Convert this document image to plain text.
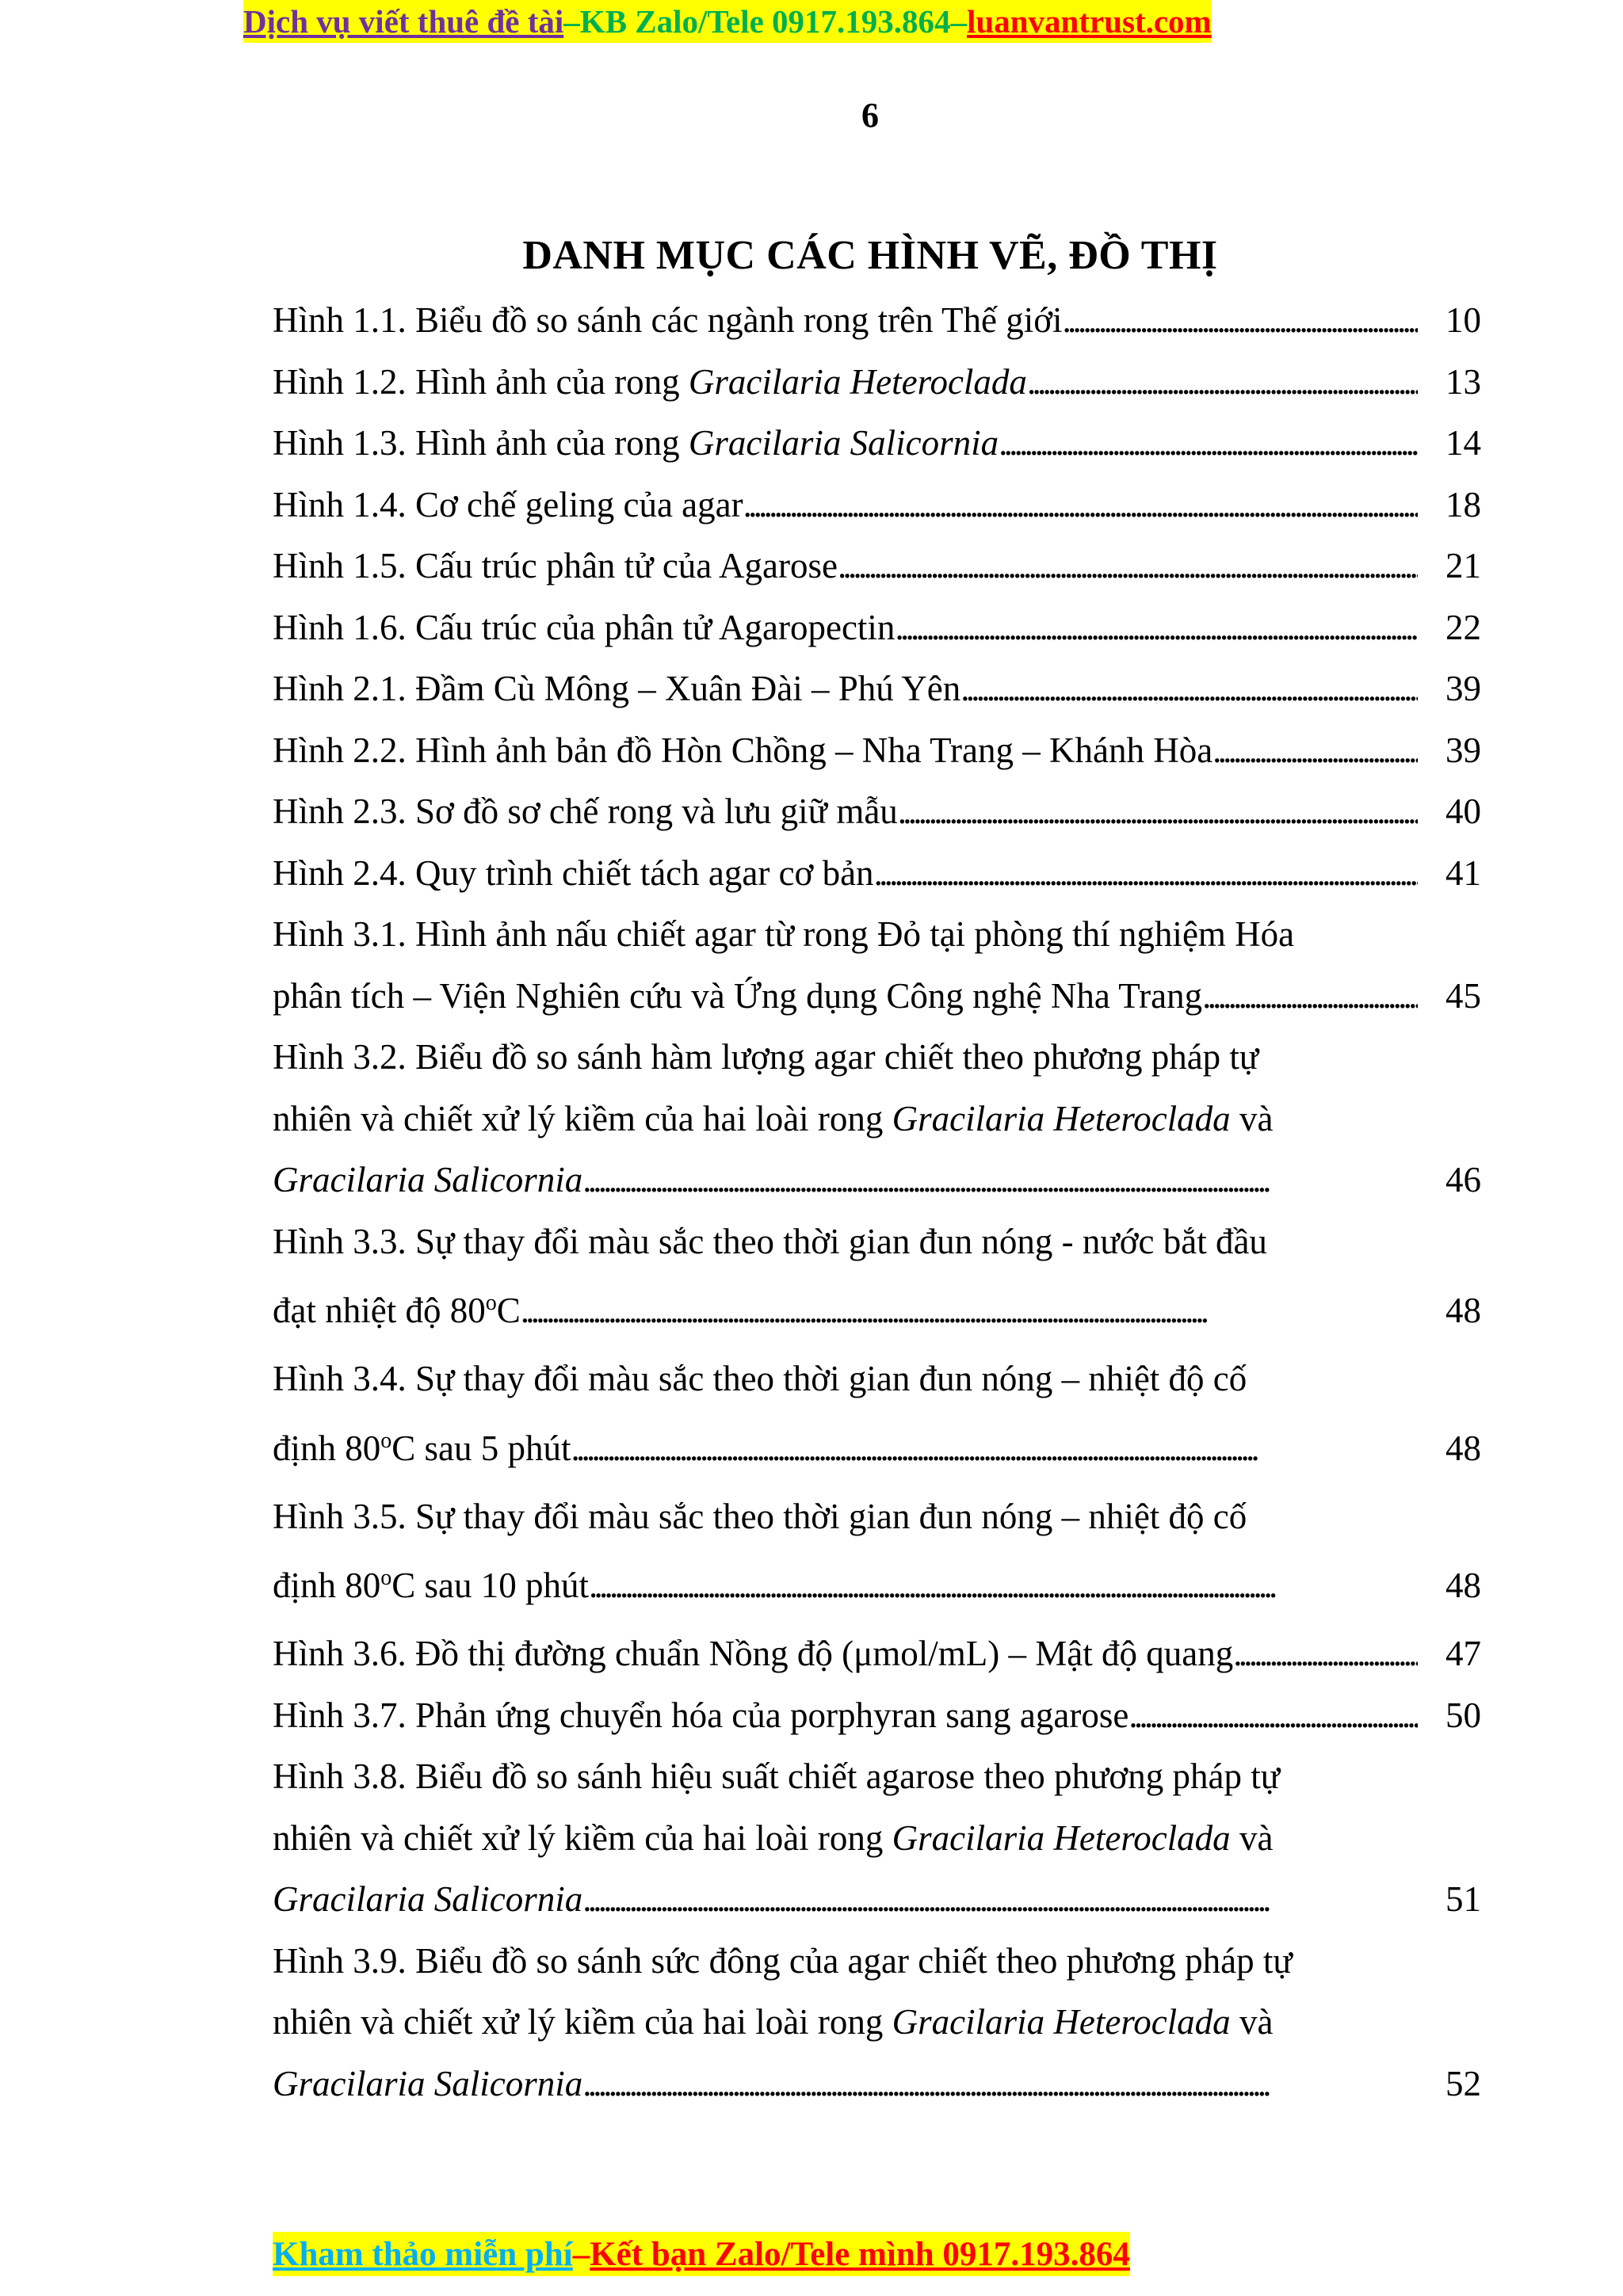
Dịch vụ viết thuê đề tài – KB Zalo/Tele 0917.193.864 – luanvantrust.com
6
DANH MỤC CÁC HÌNH VẼ, ĐỒ THỊ
Hình 1.1. Biểu đồ so sánh các ngành rong trên Thế giới . . .	10
Hình 1.2. Hình ảnh của rong Gracilaria Heteroclada . . .	13
Hình 1.3. Hình ảnh của rong Gracilaria Salicornia . . .	14
Hình 1.4. Cơ chế geling của agar . . .	18
Hình 1.5. Cấu trúc phân tử của Agarose . . .	21
Hình 1.6. Cấu trúc của phân tử Agaropectin . . .	22
Hình 2.1. Đầm Cù Mông – Xuân Đài – Phú Yên . . .	39
Hình 2.2. Hình ảnh bản đồ Hòn Chồng – Nha Trang – Khánh Hòa . . .	39
Hình 2.3. Sơ đồ sơ chế rong và lưu giữ mẫu . . .	40
Hình 2.4. Quy trình chiết tách agar cơ bản . . .	41
Hình 3.1. Hình ảnh nấu chiết agar từ rong Đỏ tại phòng thí nghiệm Hóa
phân tích – Viện Nghiên cứu và Ứng dụng Công nghệ Nha Trang . . .	45
Hình 3.2. Biểu đồ so sánh hàm lượng agar chiết theo phương pháp tự
nhiên và chiết xử lý kiềm của hai loài rong Gracilaria Heteroclada và
Gracilaria Salicornia . . .	46
Hình 3.3. Sự thay đổi màu sắc theo thời gian đun nóng - nước bắt đầu
đạt nhiệt độ 80$^o$C . . .	48
Hình 3.4. Sự thay đổi màu sắc theo thời gian đun nóng – nhiệt độ cố
định 80$^o$C sau 5 phút . . .	48
Hình 3.5. Sự thay đổi màu sắc theo thời gian đun nóng – nhiệt độ cố
định 80$^o$C sau 10 phút . . .	48
Hình 3.6. Đồ thị đường chuẩn Nồng độ (μmol/mL) – Mật độ quang . . .	47
Hình 3.7. Phản ứng chuyển hóa của porphyran sang agarose . . .	50
Hình 3.8. Biểu đồ so sánh hiệu suất chiết agarose theo phương pháp tự
nhiên và chiết xử lý kiềm của hai loài rong Gracilaria Heteroclada và
Gracilaria Salicornia . . .	51
Hình 3.9. Biểu đồ so sánh sức đông của agar chiết theo phương pháp tự
nhiên và chiết xử lý kiềm của hai loài rong Gracilaria Heteroclada và
Gracilaria Salicornia . . .	52
Kham thảo miễn phí – Kết bạn Zalo/Tele mình 0917.193.864
